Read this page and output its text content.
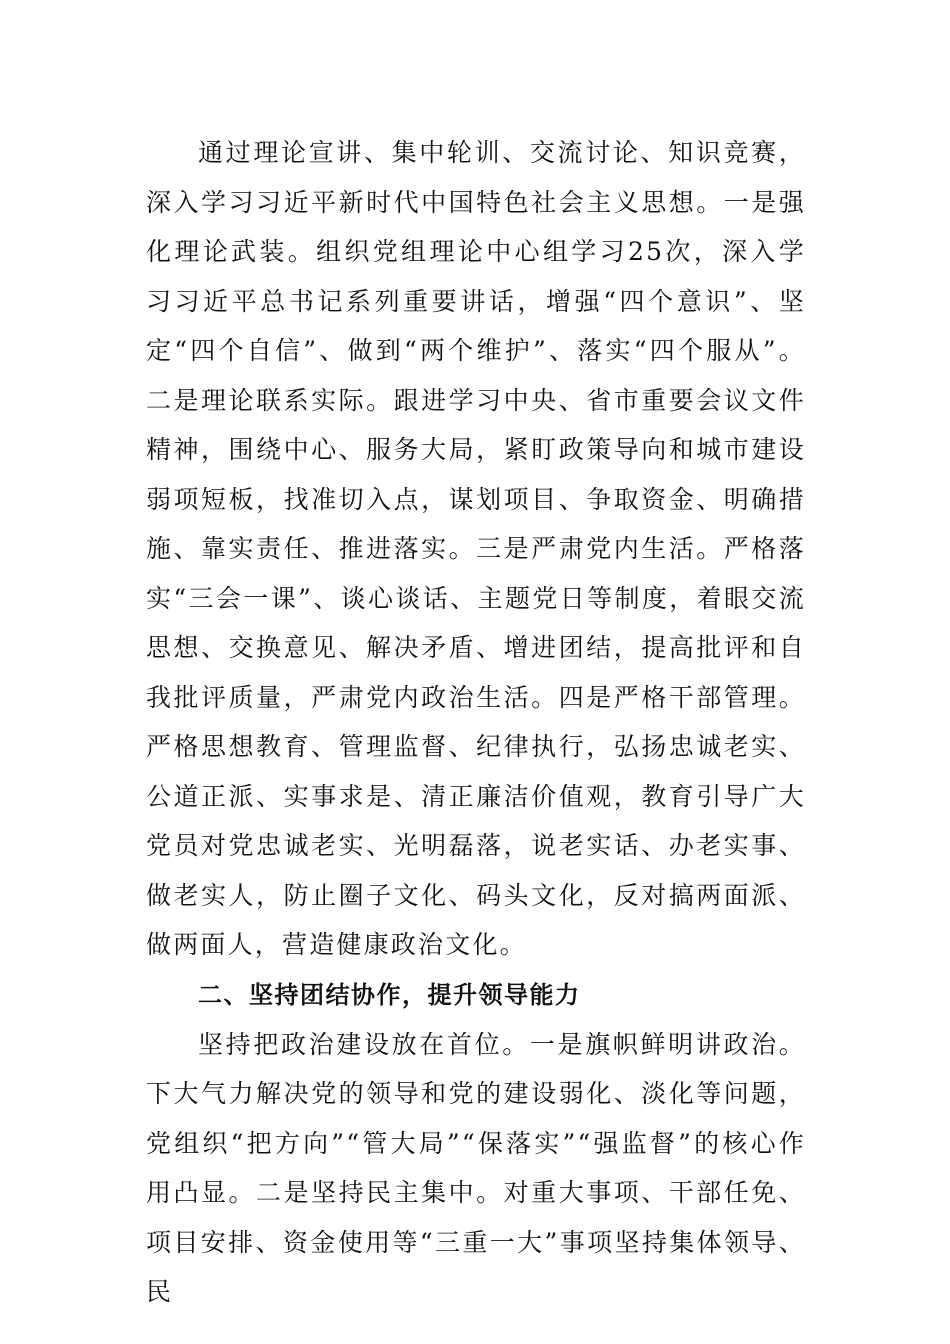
通过理论宣讲、集中轮训、交流讨论、知识竞赛，深入学习习近平新时代中国特色社会主义思想。一是强化理论武装。组织党组理论中心组学习25次，深入学习习近平总书记系列重要讲话，增强“四个意识”、坚定“四个自信”、做到“两个维护”、落实“四个服从”。二是理论联系实际。跟进学习中央、省市重要会议文件精神，围绕中心、服务大局，紧盯政策导向和城市建设弱项短板，找准切入点，谋划项目、争取资金、明确措施、靠实责任、推进落实。三是严肃党内生活。严格落实“三会一课”、谈心谈话、主题党日等制度，着眼交流思想、交换意见、解决矛盾、增进团结，提高批评和自我批评质量，严肃党内政治生活。四是严格干部管理。严格思想教育、管理监督、纪律执行，弘扬忠诚老实、公道正派、实事求是、清正廉洁价值观，教育引导广大党员对党忠诚老实、光明磊落，说老实话、办老实事、做老实人，防止圈子文化、码头文化，反对搞两面派、做两面人，营造健康政治文化。

二、坚持团结协作，提升领导能力

坚持把政治建设放在首位。一是旗帜鲜明讲政治。下大气力解决党的领导和党的建设弱化、淡化等问题，党组织“把方向”“管大局”“保落实”“强监督”的核心作用凸显。二是坚持民主集中。对重大事项、干部任免、项目安排、资金使用等“三重一大”事项坚持集体领导、民
